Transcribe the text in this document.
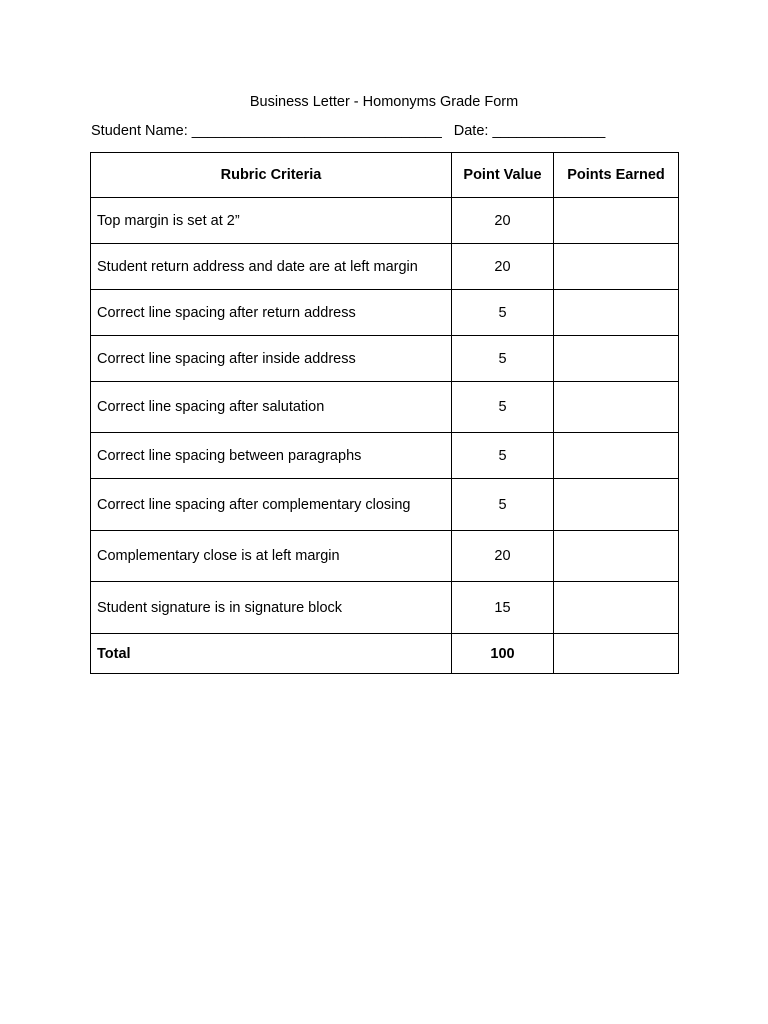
Business Letter - Homonyms Grade Form
Student Name: _______________________________ Date: ______________
Rubric Criteria	Point Value	Points Earned
Top margin is set at 2”	20	
Student return address and date are at left margin	20	
Correct line spacing after return address	5	
Correct line spacing after inside address	5	
Correct line spacing after salutation	5	
Correct line spacing between paragraphs	5	
Correct line spacing after complementary closing	5	
Complementary close is at left margin	20	
Student signature is in signature block	15	
Total	100	
